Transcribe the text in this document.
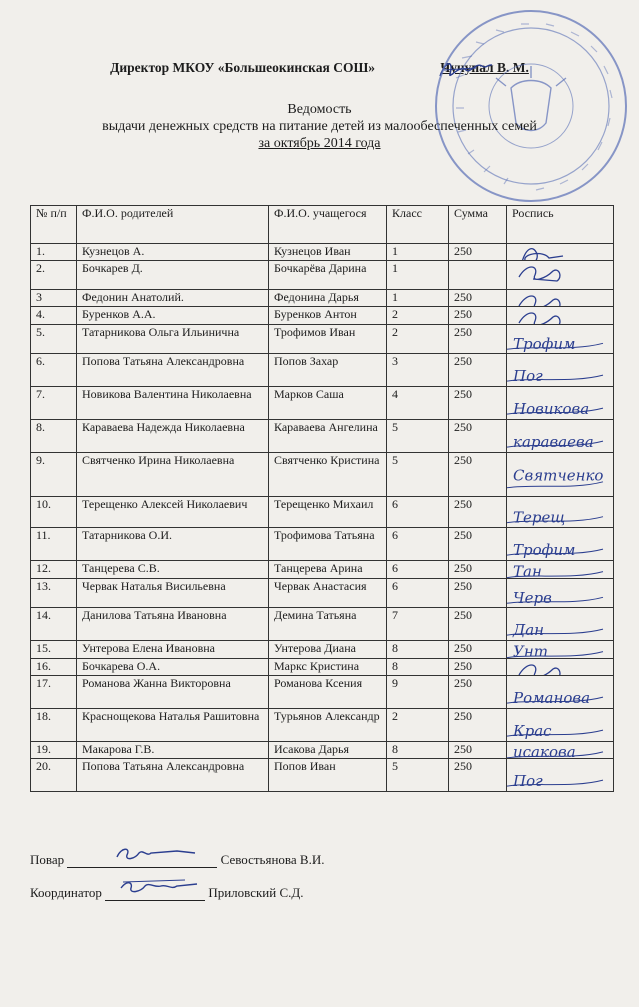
Директор МКОУ «Большеокинская СОШ»	Чучупал В. М.
Ведомость
выдачи денежных средств на питание детей из малообеспеченных семей
за октябрь 2014 года
№ п/п	Ф.И.О. родителей	Ф.И.О. учащегося	Класс	Сумма	Роспись
1.	Кузнецов А.	Кузнецов Иван	1	250	

2.	Бочкарев Д.	Бочкарёва Дарина	1		

3	Федонин Анатолий.	Федонина Дарья	1	250	

4.	Буренков А.А.	Буренков Антон	2	250	

5.	Татарникова Ольга Ильинична	Трофимов Иван	2	250	Трофим

6.	Попова Татьяна Александровна	Попов Захар	3	250	Пог

7.	Новикова Валентина Николаевна	Марков Саша	4	250	Новикова

8.	Караваева Надежда Николаевна	Караваева Ангелина	5	250	караваева

9.	Святченко Ирина Николаевна	Святченко Кристина	5	250	Святченко

10.	Терещенко Алексей Николаевич	Терещенко Михаил	6	250	Терещ

11.	Татарникова О.И.	Трофимова Татьяна	6	250	Трофим

12.	Танцерева С.В.	Танцерева Арина	6	250	Тан

13.	Червак Наталья Висильевна	Червак Анастасия	6	250	Черв

14.	Данилова Татьяна Ивановна	Демина Татьяна	7	250	Дан

15.	Унтерова Елена Ивановна	Унтерова Диана	8	250	Унт

16.	Бочкарева О.А.	Маркс Кристина	8	250	

17.	Романова Жанна Викторовна	Романова Ксения	9	250	Романова

18.	Краснощекова Наталья Рашитовна	Турьянов Александр	2	250	Крас

19.	Макарова Г.В.	Исакова Дарья	8	250	исакова

20.	Попова Татьяна Александровна	Попов Иван	5	250	Пог
Повар	Севостьянова В.И.
Координатор	Приловский С.Д.
